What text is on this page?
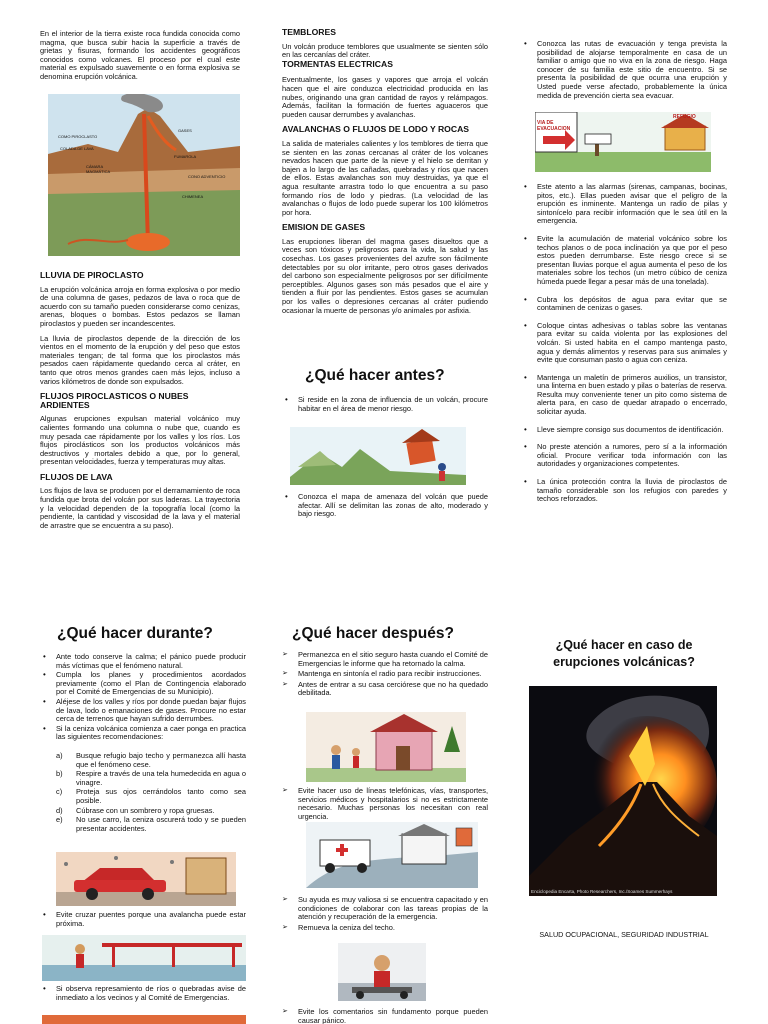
En el interior de la tierra existe roca fundida conocida como magma, que busca subir hacia la superficie a través de grietas y fisuras, formando los accidentes geográficos conocidos como volcanes. El proceso por el cual este material es expulsado suavemente o en forma explosiva se denomina erupción volcánica.

COMO PIROCLASTO
COLADA DE LAVA
CÁMARA MAGMÁTICA
FUMAROLA
GASES
CONO ADVENTICIO
CHIMENEA
LLUVIA DE PIROCLASTO

La erupción volcánica arroja en forma explosiva o por medio de una columna de gases, pedazos de lava o roca que de acuerdo con su tamaño pueden considerarse como cenizas, arenas, bloques o bombas. Estos pedazos se llaman piroclastos y pueden ser incandescentes.

La lluvia de piroclastos depende de la dirección de los vientos en el momento de la erupción y del peso que estos materiales tengan; de tal forma que los piroclastos más pesados caen rápidamente quedando cerca al cráter, en tanto que otros menos grandes caen más lejos, incluso a varios kilómetros de donde son expulsados.

FLUJOS PIROCLASTICOS O NUBES ARDIENTES

Algunas erupciones expulsan material volcánico muy calientes formando una columna o nube que, cuando es muy pesada cae rápidamente por los valles y los ríos. Los flujos piroclásticos son los productos volcánicos más destructivos y mortales debido a que, por lo general, presentan velocidades, fuerza y temperaturas muy altas.

FLUJOS DE LAVA

Los flujos de lava se producen por el derramamiento de roca fundida que brota del volcán por sus laderas. La trayectoria y la velocidad dependen de la topografía local (como la pendiente, la cantidad y viscosidad de la lava y el material de arrastre que se encuentra a su paso).

TEMBLORES

Un volcán produce temblores que usualmente se sienten sólo en las cercanías del cráter.

TORMENTAS ELECTRICAS

Eventualmente, los gases y vapores que arroja el volcán hacen que el aire conduzca electricidad producida en las nubes, originando una gran cantidad de rayos y relámpagos. Además, facilitan la formación de fuertes aguaceros que pueden causar derrumbes y avalanchas.

AVALANCHAS O FLUJOS DE LODO Y ROCAS

La salida de materiales calientes y los temblores de tierra que se sienten en las zonas cercanas al cráter de los volcanes nevados hacen que parte de la nieve y el hielo se derritan y bajen a lo largo de las cañadas, quebradas y ríos que nacen de ellos. Estas avalanchas son muy destruidas, ya que el agua resultante arrastra todo lo que encuentra a su paso formando ríos de lodo y piedras. (La velocidad de las avalanchas o flujos de lodo puede superar los 100 kilómetros por hora.

EMISION DE GASES

Las erupciones liberan del magma gases disueltos que a veces son tóxicos y peligrosos para la vida, la salud y las cosechas. Los gases provenientes del azufre son fácilmente detectables por su olor irritante, pero otros gases derivados del carbono son especialmente peligrosos por ser difícilmente perceptibles. Algunos gases son más pesados que el aire y tienden a fluir por las pendientes. Estos gases se acumulan por los valles o depresiones cercanas al cráter pudiendo ocasionar la muerte de personas y/o animales por asfixia.

¿Qué hacer antes?
• Si reside en la zona de influencia de un volcán, procure habitar en el área de menor riesgo.
• Conozca el mapa de amenaza del volcán que puede afectar. Allí se delimitan las zonas de alto, moderado y bajo riesgo.
• Conozca las rutas de evacuación y tenga prevista la posibilidad de alojarse temporalmente en casa de un familiar o amigo que no viva en la zona de riesgo. Haga conocer de su familia este sitio de encuentro. Si se presenta la posibilidad de que ocurra una erupción y Usted puede verse afectado, probablemente la única medida de prevención cierta sea evacuar.
VIA DE EVACUACION
REFUGIO
• Este atento a las alarmas (sirenas, campanas, bocinas, pitos, etc.). Ellas pueden avisar que el peligro de la erupción es inminente. Mantenga un radio de pilas y sintonícelo para recibir información que le sea útil en la emergencia.
• Evite la acumulación de material volcánico sobre los techos planos o de poca inclinación ya que por el peso estos pueden derrumbarse. Este riesgo crece si se presentan lluvias porque el agua aumenta el peso de los materiales sobre los techos (un metro cúbico de ceniza húmeda puede llegar a pesar más de una tonelada).
• Cubra los depósitos de agua para evitar que se contaminen de cenizas o gases.
• Coloque cintas adhesivas o tablas sobre las ventanas para evitar su caída violenta por las explosiones del volcán. Si usted habita en el campo mantenga pasto, agua y demás alimentos y reservas para sus animales y evite que consuman pasto o agua con ceniza.
• Mantenga un maletín de primeros auxilios, un transistor, una linterna en buen estado y pilas o baterías de reserva. Resulta muy conveniente tener un pito como sistema de alerta para, en caso de quedar atrapado o encerrado, solicitar ayuda.
• Lleve siempre consigo sus documentos de identificación.
• No preste atención a rumores, pero sí a la información oficial. Procure verificar toda información con las autoridades y organizaciones competentes.
• La única protección contra la lluvia de piroclastos de tamaño considerable son los refugios con paredes y techos reforzados.
¿Qué hacer durante?
• Ante todo conserve la calma; el pánico puede producir más víctimas que el fenómeno natural.
• Cumpla los planes y procedimientos acordados previamente (como el Plan de Contingencia elaborado por el Comité de Emergencias de su Municipio).
• Aléjese de los valles y ríos por donde puedan bajar flujos de lava, lodo o emanaciones de gases. Procure no estar cerca de terrenos que hayan sufrido derrumbes.
• Si la ceniza volcánica comienza a caer ponga en practica las siguientes recomendaciones:
a) Busque refugio bajo techo y permanezca allí hasta que el fenómeno cese.
b) Respire a través de una tela humedecida en agua o vinagre.
c) Proteja sus ojos cerrándolos tanto como sea posible.
d) Cúbrase con un sombrero y ropa gruesas.
e) No use carro, la ceniza oscurerá todo y se pueden presentar accidentes.
• Evite cruzar puentes porque una avalancha puede estar próxima.
• Si observa represamiento de ríos o quebradas avise de inmediato a los vecinos y al Comité de Emergencias.
¿Qué hacer después?
➢ Permanezca en el sitio seguro hasta cuando el Comité de Emergencias le informe que ha retornado la calma.
➢ Mantenga en sintonía el radio para recibir instrucciones.
➢ Antes de entrar a su casa cerciórese que no ha quedado debilitada.
➢ Evite hacer uso de líneas telefónicas, vías, transportes, servicios médicos y hospitalarios si no es estrictamente necesario. Muchas personas los necesitan con real urgencia.
➢ Su ayuda es muy valiosa si se encuentra capacitado y en condiciones de colaborar con las tareas propias de la atención y recuperación de la emergencia.
➢ Remueva la ceniza del techo.
➢ Evite los comentarios sin fundamento porque pueden causar pánico.
¿Qué hacer en caso de
erupciones volcánicas?
Enciclopedia Encarta, Photo Researchers, Inc./Soames Summerhays
SALUD OCUPACIONAL, SEGURIDAD INDUSTRIAL
